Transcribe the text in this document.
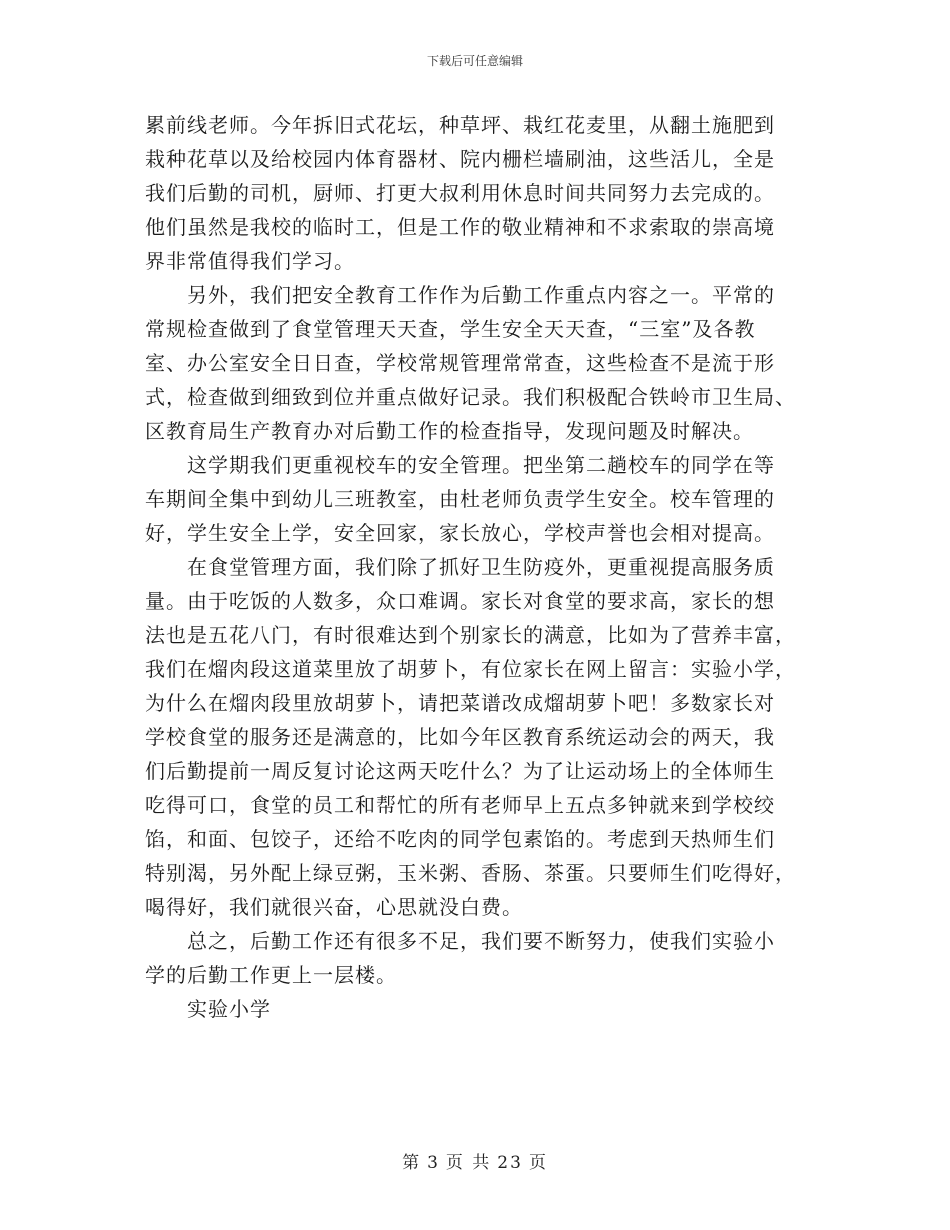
下载后可任意编辑
累前线老师。今年拆旧式花坛，种草坪、栽红花麦里，从翻土施肥到
栽种花草以及给校园内体育器材、院内栅栏墙刷油，这些活儿，全是
我们后勤的司机，厨师、打更大叔利用休息时间共同努力去完成的。
他们虽然是我校的临时工，但是工作的敬业精神和不求索取的崇高境
界非常值得我们学习。
另外，我们把安全教育工作作为后勤工作重点内容之一。平常的
常规检查做到了食堂管理天天查，学生安全天天查，“三室”及各教
室、办公室安全日日查，学校常规管理常常查，这些检查不是流于形
式，检查做到细致到位并重点做好记录。我们积极配合铁岭市卫生局、
区教育局生产教育办对后勤工作的检查指导，发现问题及时解决。
这学期我们更重视校车的安全管理。把坐第二趟校车的同学在等
车期间全集中到幼儿三班教室，由杜老师负责学生安全。校车管理的
好，学生安全上学，安全回家，家长放心，学校声誉也会相对提高。
在食堂管理方面，我们除了抓好卫生防疫外，更重视提高服务质
量。由于吃饭的人数多，众口难调。家长对食堂的要求高，家长的想
法也是五花八门，有时很难达到个别家长的满意，比如为了营养丰富，
我们在熘肉段这道菜里放了胡萝卜，有位家长在网上留言：实验小学，
为什么在熘肉段里放胡萝卜，请把菜谱改成熘胡萝卜吧！多数家长对
学校食堂的服务还是满意的，比如今年区教育系统运动会的两天，我
们后勤提前一周反复讨论这两天吃什么？为了让运动场上的全体师生
吃得可口，食堂的员工和帮忙的所有老师早上五点多钟就来到学校绞
馅，和面、包饺子，还给不吃肉的同学包素馅的。考虑到天热师生们
特别渴，另外配上绿豆粥，玉米粥、香肠、茶蛋。只要师生们吃得好，
喝得好，我们就很兴奋，心思就没白费。
总之，后勤工作还有很多不足，我们要不断努力，使我们实验小
学的后勤工作更上一层楼。
实验小学
第 3 页 共 23 页
